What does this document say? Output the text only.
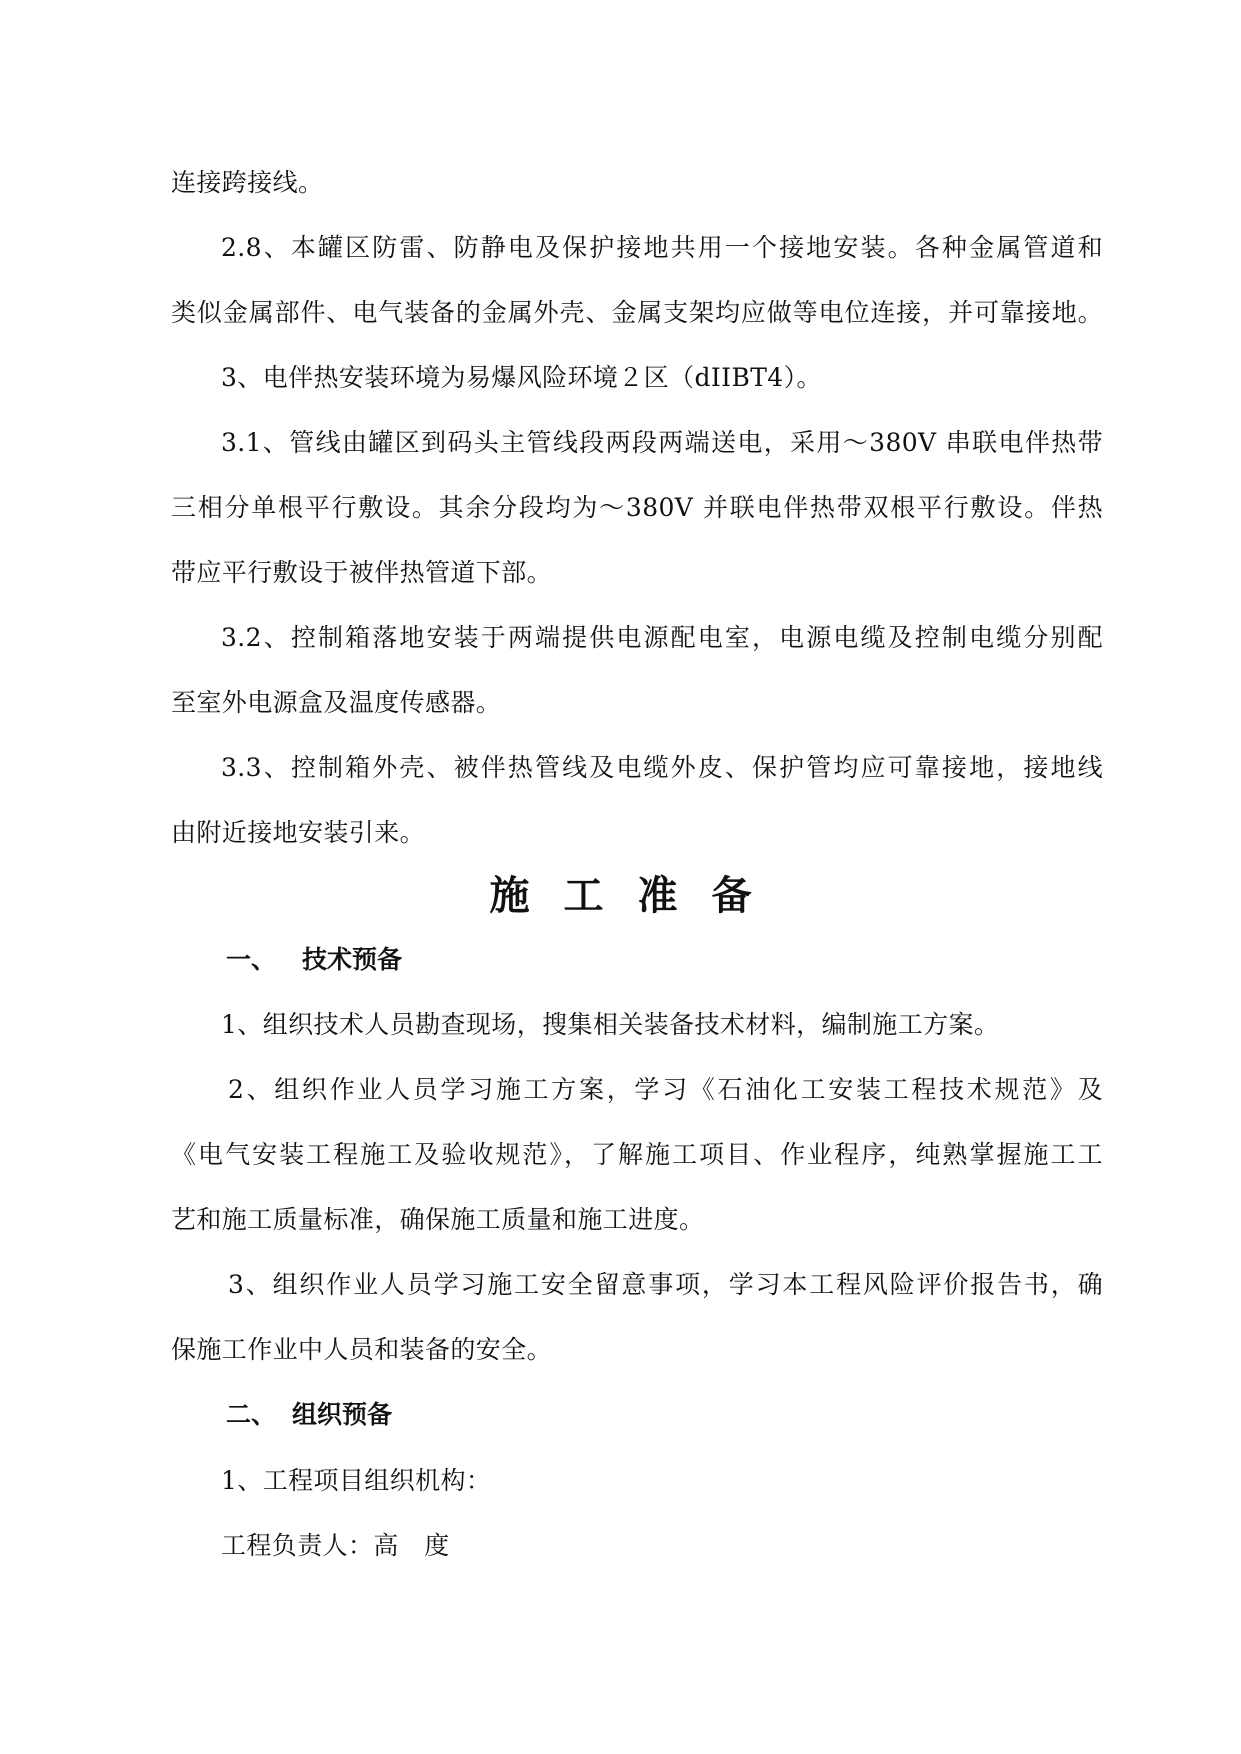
连接跨接线。
2.8、本罐区防雷、防静电及保护接地共用一个接地安装。各种金属管道和
类似金属部件、电气装备的金属外壳、金属支架均应做等电位连接，并可靠接地。
3、电伴热安装环境为易爆风险环境２区（dIIBT4）。
3.1、管线由罐区到码头主管线段两段两端送电，采用～380V 串联电伴热带
三相分单根平行敷设。其余分段均为～380V 并联电伴热带双根平行敷设。伴热
带应平行敷设于被伴热管道下部。
3.2、控制箱落地安装于两端提供电源配电室，电源电缆及控制电缆分别配
至室外电源盒及温度传感器。
3.3、控制箱外壳、被伴热管线及电缆外皮、保护管均应可靠接地，接地线
由附近接地安装引来。
施工准备
一、 技术预备
1、组织技术人员勘查现场，搜集相关装备技术材料，编制施工方案。
2、组织作业人员学习施工方案，学习《石油化工安装工程技术规范》及
《电气安装工程施工及验收规范》，了解施工项目、作业程序，纯熟掌握施工工
艺和施工质量标准，确保施工质量和施工进度。
3、组织作业人员学习施工安全留意事项，学习本工程风险评价报告书，确
保施工作业中人员和装备的安全。
二、 组织预备
1、工程项目组织机构：
工程负责人：高　度
